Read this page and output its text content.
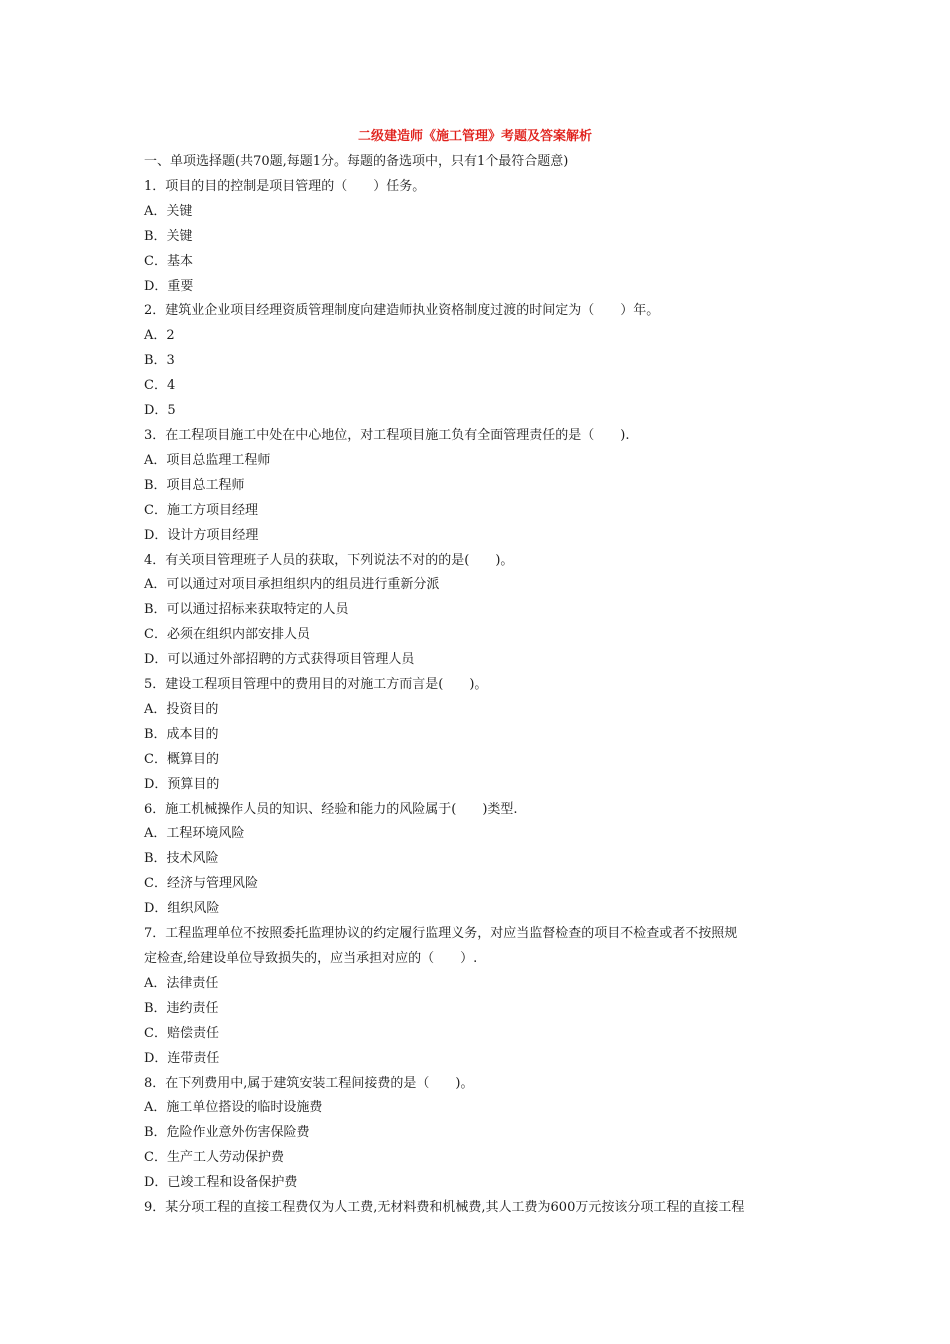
二级建造师《施工管理》考题及答案解析

一、单项选择题(共70题,每题1分。每题的备选项中，只有1个最符合题意)

1．项目的目的控制是项目管理的（　　）任务。

A．关键

B．关键

C．基本

D．重要

2．建筑业企业项目经理资质管理制度向建造师执业资格制度过渡的时间定为（　　）年。

A．2

B．3

C．4

D．5

3．在工程项目施工中处在中心地位，对工程项目施工负有全面管理责任的是（　　).

A．项目总监理工程师

B．项目总工程师

C．施工方项目经理

D．设计方项目经理

4．有关项目管理班子人员的获取，下列说法不对的的是(　　)。

A．可以通过对项目承担组织内的组员进行重新分派

B．可以通过招标来获取特定的人员

C．必须在组织内部安排人员

D．可以通过外部招聘的方式获得项目管理人员

5．建设工程项目管理中的费用目的对施工方而言是(　　)。

A．投资目的

B．成本目的

C．概算目的

D．预算目的

6．施工机械操作人员的知识、经验和能力的风险属于(　　)类型.

A．工程环境风险

B．技术风险

C．经济与管理风险

D．组织风险

7．工程监理单位不按照委托监理协议的约定履行监理义务，对应当监督检查的项目不检查或者不按照规

定检查,给建设单位导致损失的，应当承担对应的（　　）.

A．法律责任

B．违约责任

C．赔偿责任

D．连带责任

8．在下列费用中,属于建筑安装工程间接费的是（　　)。

A．施工单位搭设的临时设施费

B．危险作业意外伤害保险费

C．生产工人劳动保护费

D．已竣工程和设备保护费

9．某分项工程的直接工程费仅为人工费,无材料费和机械费,其人工费为600万元按该分项工程的直接工程
